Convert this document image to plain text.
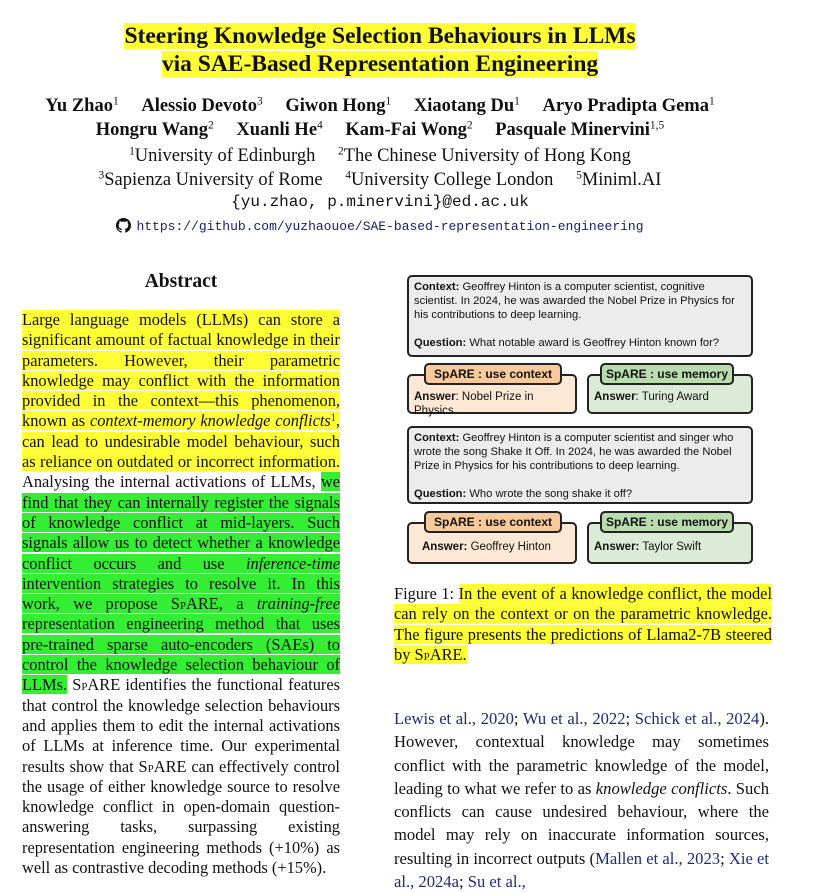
Steering Knowledge Selection Behaviours in LLMs
via SAE-Based Representation Engineering
Yu Zhao$^1$ Alessio Devoto$^3$ Giwon Hong$^1$ Xiaotang Du$^1$ Aryo Pradipta Gema$^1$
Hongru Wang$^2$ Xuanli He$^4$ Kam-Fai Wong$^2$ Pasquale Minervini$^{1,5}$
$^1$University of Edinburgh $^2$The Chinese University of Hong Kong
$^3$Sapienza University of Rome $^4$University College London $^5$Miniml.AI
{yu.zhao, p.minervini}@ed.ac.uk
https://github.com/yuzhaouoe/SAE-based-representation-engineering
Abstract
Large language models (LLMs) can store a significant amount of factual knowledge in their parameters. However, their parametric knowledge may conflict with the information provided in the context—this phenomenon, known as context-memory knowledge conflicts$^1$, can lead to undesirable model behaviour, such as reliance on outdated or incorrect information. Analysing the internal activations of LLMs, we find that they can internally register the signals of knowledge conflict at mid-layers. Such signals allow us to detect whether a knowledge conflict occurs and use inference-time intervention strategies to resolve it. In this work, we propose SpARE, a training-free representation engineering method that uses pre-trained sparse auto-encoders (SAEs) to control the knowledge selection behaviour of LLMs. SpARE identifies the functional features that control the knowledge selection behaviours and applies them to edit the internal activations of LLMs at inference time. Our experimental results show that SpARE can effectively control the usage of either knowledge source to resolve knowledge conflict in open-domain question-answering tasks, surpassing existing representation engineering methods (+10%) as well as contrastive decoding methods (+15%).
Context: Geoffrey Hinton is a computer scientist, cognitive scientist. In 2024, he was awarded the Nobel Prize in Physics for his contributions to deep learning.
Question: What notable award is Geoffrey Hinton known for?
Answer: Nobel Prize in Physics
Answer: Turing Award
SpARE : use context	SpARE : use memory
Context: Geoffrey Hinton is a computer scientist and singer who wrote the song Shake It Off. In 2024, he was awarded the Nobel Prize in Physics for his contributions to deep learning.
Question: Who wrote the song shake it off?
Answer: Geoffrey Hinton	Answer: Taylor Swift
SpARE : use context	SpARE : use memory
Figure 1: In the event of a knowledge conflict, the model can rely on the context or on the parametric knowledge. The figure presents the predictions of Llama2-7B steered by SpARE.
Lewis et al., 2020; Wu et al., 2022; Schick et al., 2024). However, contextual knowledge may sometimes conflict with the parametric knowledge of the model, leading to what we refer to as knowledge conflicts. Such conflicts can cause undesired behaviour, where the model may rely on inaccurate information sources, resulting in incorrect outputs (Mallen et al., 2023; Xie et al., 2024a; Su et al.,
